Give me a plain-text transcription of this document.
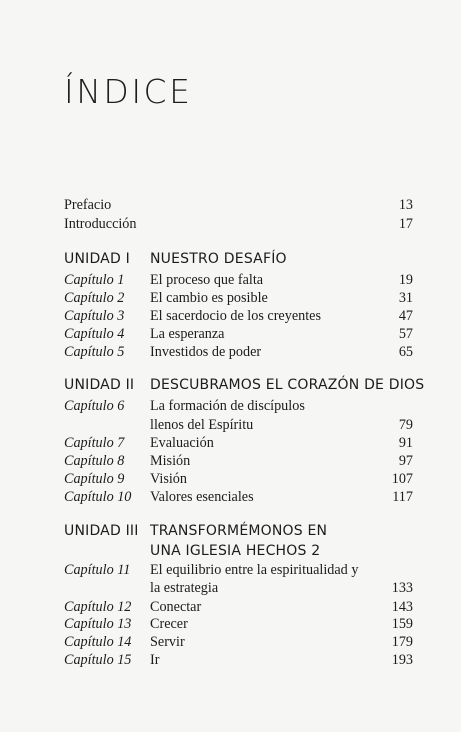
ÍNDICE
Prefacio	13
Introducción	17
UNIDAD I NUESTRO DESAFÍO
Capítulo 1 El proceso que falta	19
Capítulo 2 El cambio es posible	31
Capítulo 3 El sacerdocio de los creyentes	47
Capítulo 4 La esperanza	57
Capítulo 5 Investidos de poder	65
UNIDAD II DESCUBRAMOS EL CORAZÓN DE DIOS
Capítulo 6 La formación de discípulos
llenos del Espíritu	79
Capítulo 7 Evaluación	91
Capítulo 8 Misión	97
Capítulo 9 Visión	107
Capítulo 10 Valores esenciales	117
UNIDAD III TRANSFORMÉMONOS EN
UNA IGLESIA HECHOS 2
Capítulo 11 El equilibrio entre la espiritualidad y
la estrategia	133
Capítulo 12 Conectar	143
Capítulo 13 Crecer	159
Capítulo 14 Servir	179
Capítulo 15 Ir	193
